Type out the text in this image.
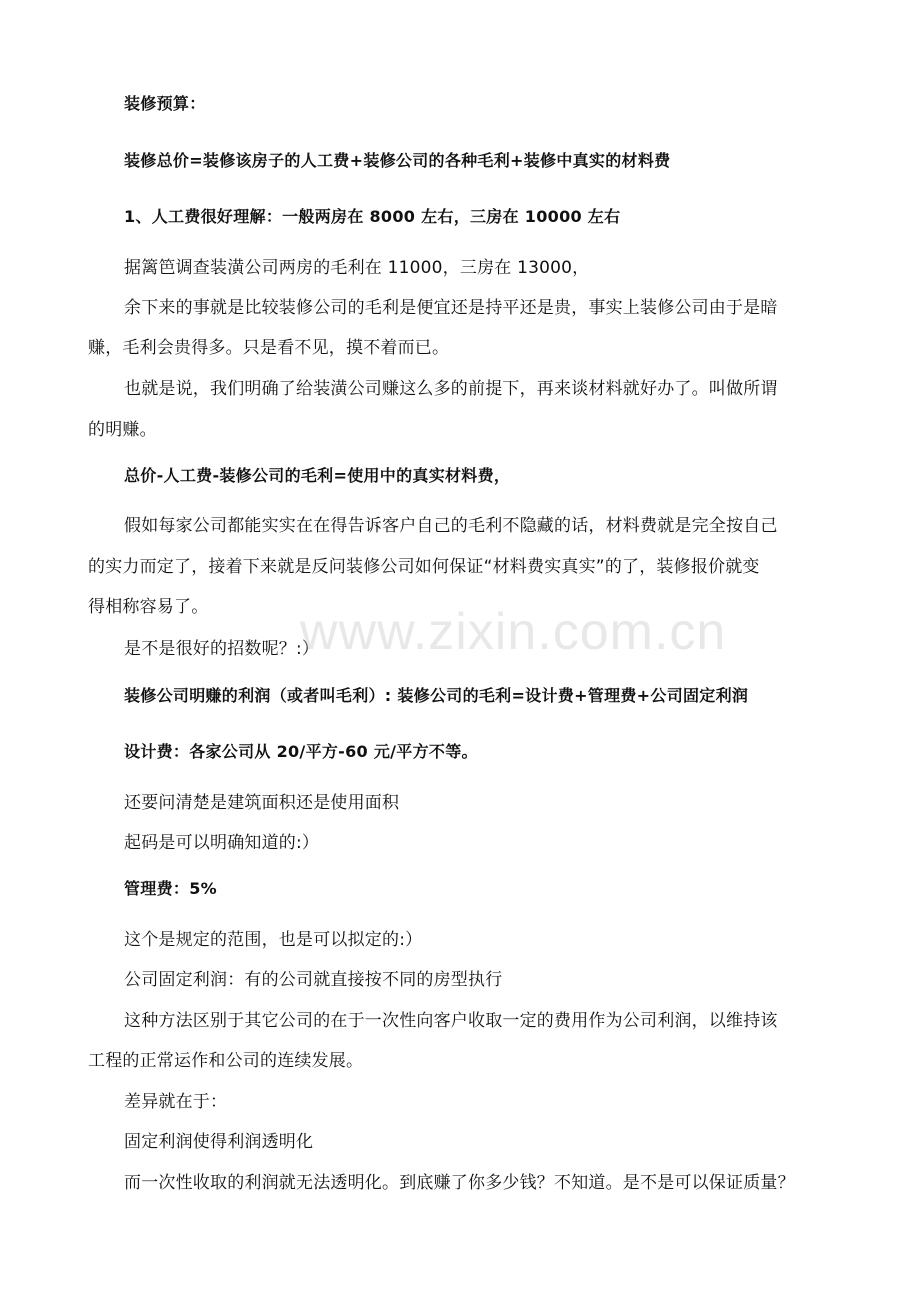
装修预算：
装修总价=装修该房子的人工费+装修公司的各种毛利+装修中真实的材料费
1、人工费很好理解：一般两房在 8000 左右，三房在 10000 左右
据篱笆调查装潢公司两房的毛利在 11000，三房在 13000，
余下来的事就是比较装修公司的毛利是便宜还是持平还是贵，事实上装修公司由于是暗
赚，毛利会贵得多。只是看不见，摸不着而已。
也就是说，我们明确了给装潢公司赚这么多的前提下，再来谈材料就好办了。叫做所谓
的明赚。
总价-人工费-装修公司的毛利=使用中的真实材料费，
假如每家公司都能实实在在得告诉客户自己的毛利不隐藏的话，材料费就是完全按自己
的实力而定了，接着下来就是反问装修公司如何保证“材料费实真实”的了，装修报价就变
得相称容易了。
是不是很好的招数呢？:）
装修公司明赚的利润（或者叫毛利）: 装修公司的毛利=设计费+管理费+公司固定利润
设计费：各家公司从 20/平方-60 元/平方不等。
还要问清楚是建筑面积还是使用面积
起码是可以明确知道的:）
管理费：5%
这个是规定的范围，也是可以拟定的:）
公司固定利润：有的公司就直接按不同的房型执行
这种方法区别于其它公司的在于一次性向客户收取一定的费用作为公司利润，以维持该
工程的正常运作和公司的连续发展。
差异就在于：
固定利润使得利润透明化
而一次性收取的利润就无法透明化。到底赚了你多少钱？不知道。是不是可以保证质量？
www.zixin.com.cn
